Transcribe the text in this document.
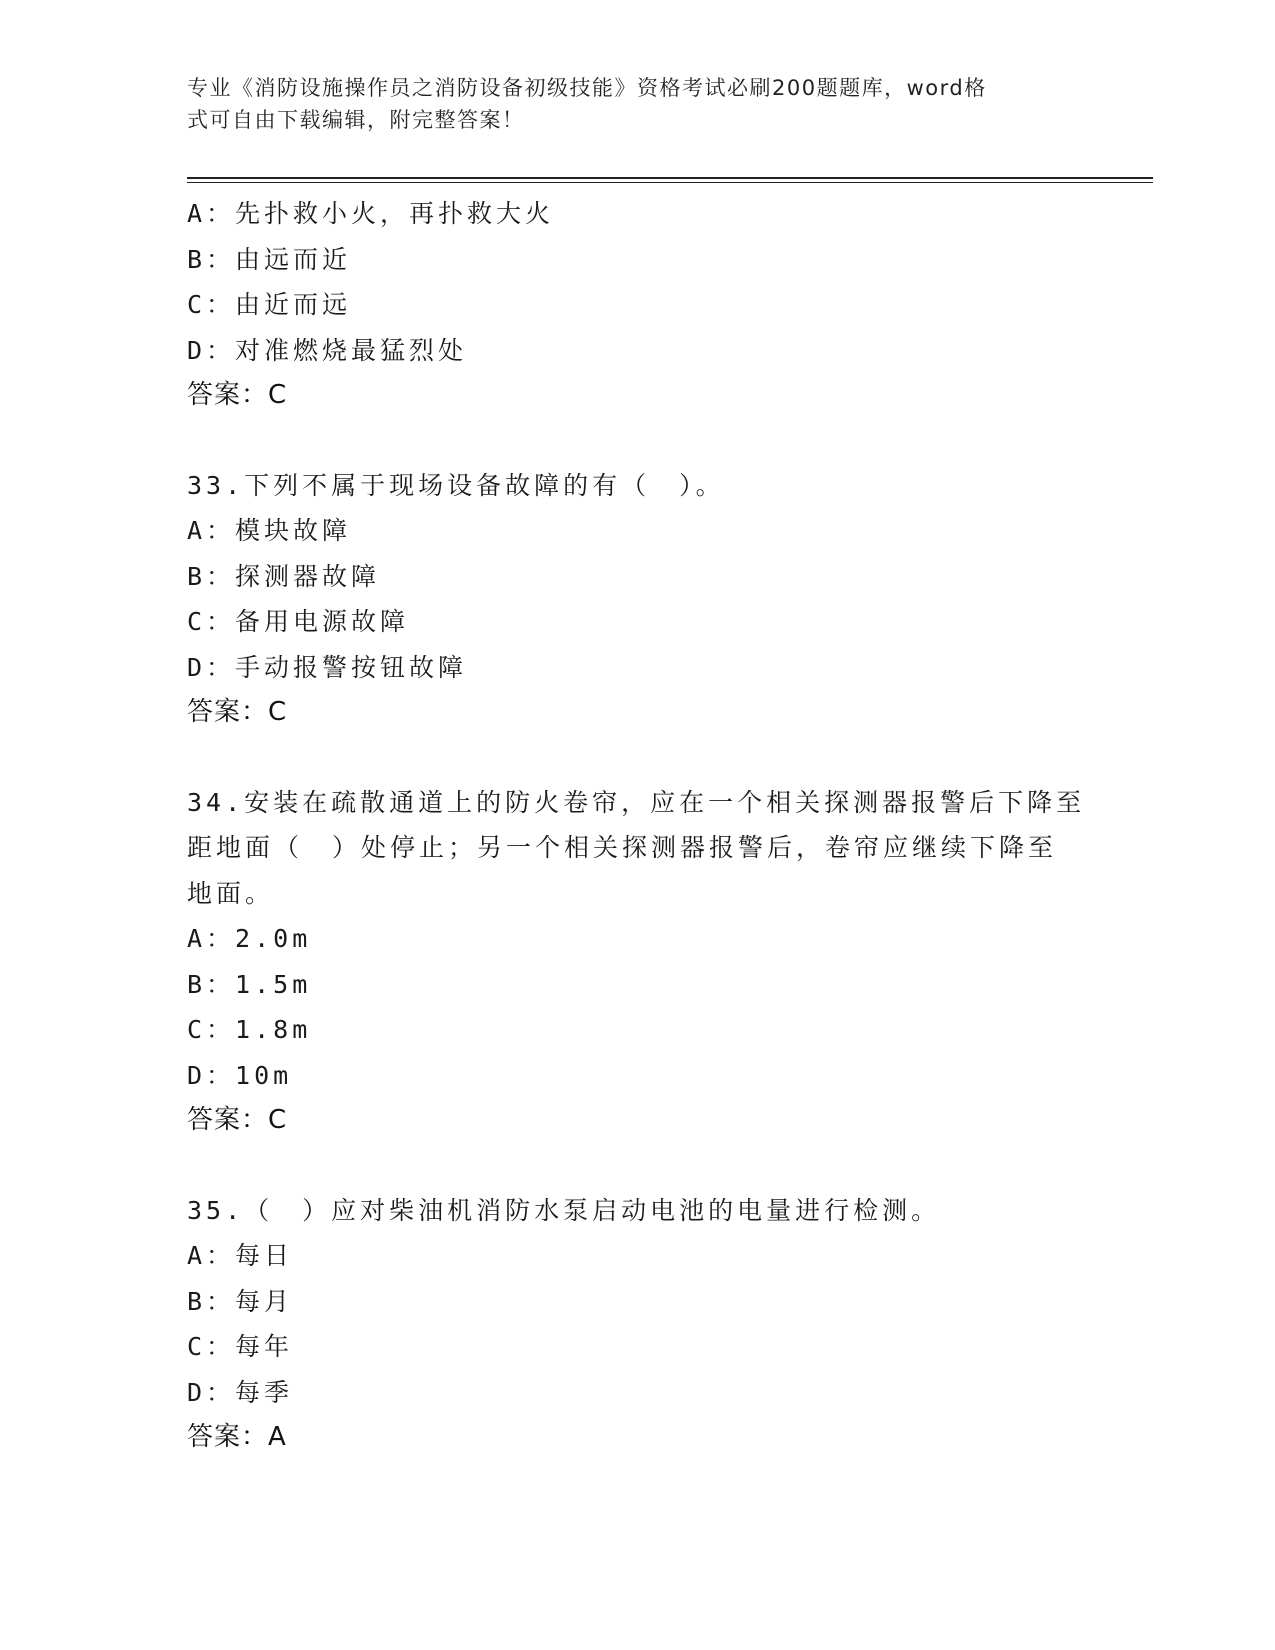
专业《消防设施操作员之消防设备初级技能》资格考试必刷200题题库，word格
式可自由下载编辑，附完整答案！
A：先扑救小火，再扑救大火
B：由远而近
C：由近而远
D：对准燃烧最猛烈处
答案：C
33.下列不属于现场设备故障的有（　）。
A：模块故障
B：探测器故障
C：备用电源故障
D：手动报警按钮故障
答案：C
34.安装在疏散通道上的防火卷帘，应在一个相关探测器报警后下降至
距地面（　）处停止；另一个相关探测器报警后，卷帘应继续下降至
地面。
A：2.0m
B：1.5m
C：1.8m
D：10m
答案：C
35.（　）应对柴油机消防水泵启动电池的电量进行检测。
A：每日
B：每月
C：每年
D：每季
答案：A
